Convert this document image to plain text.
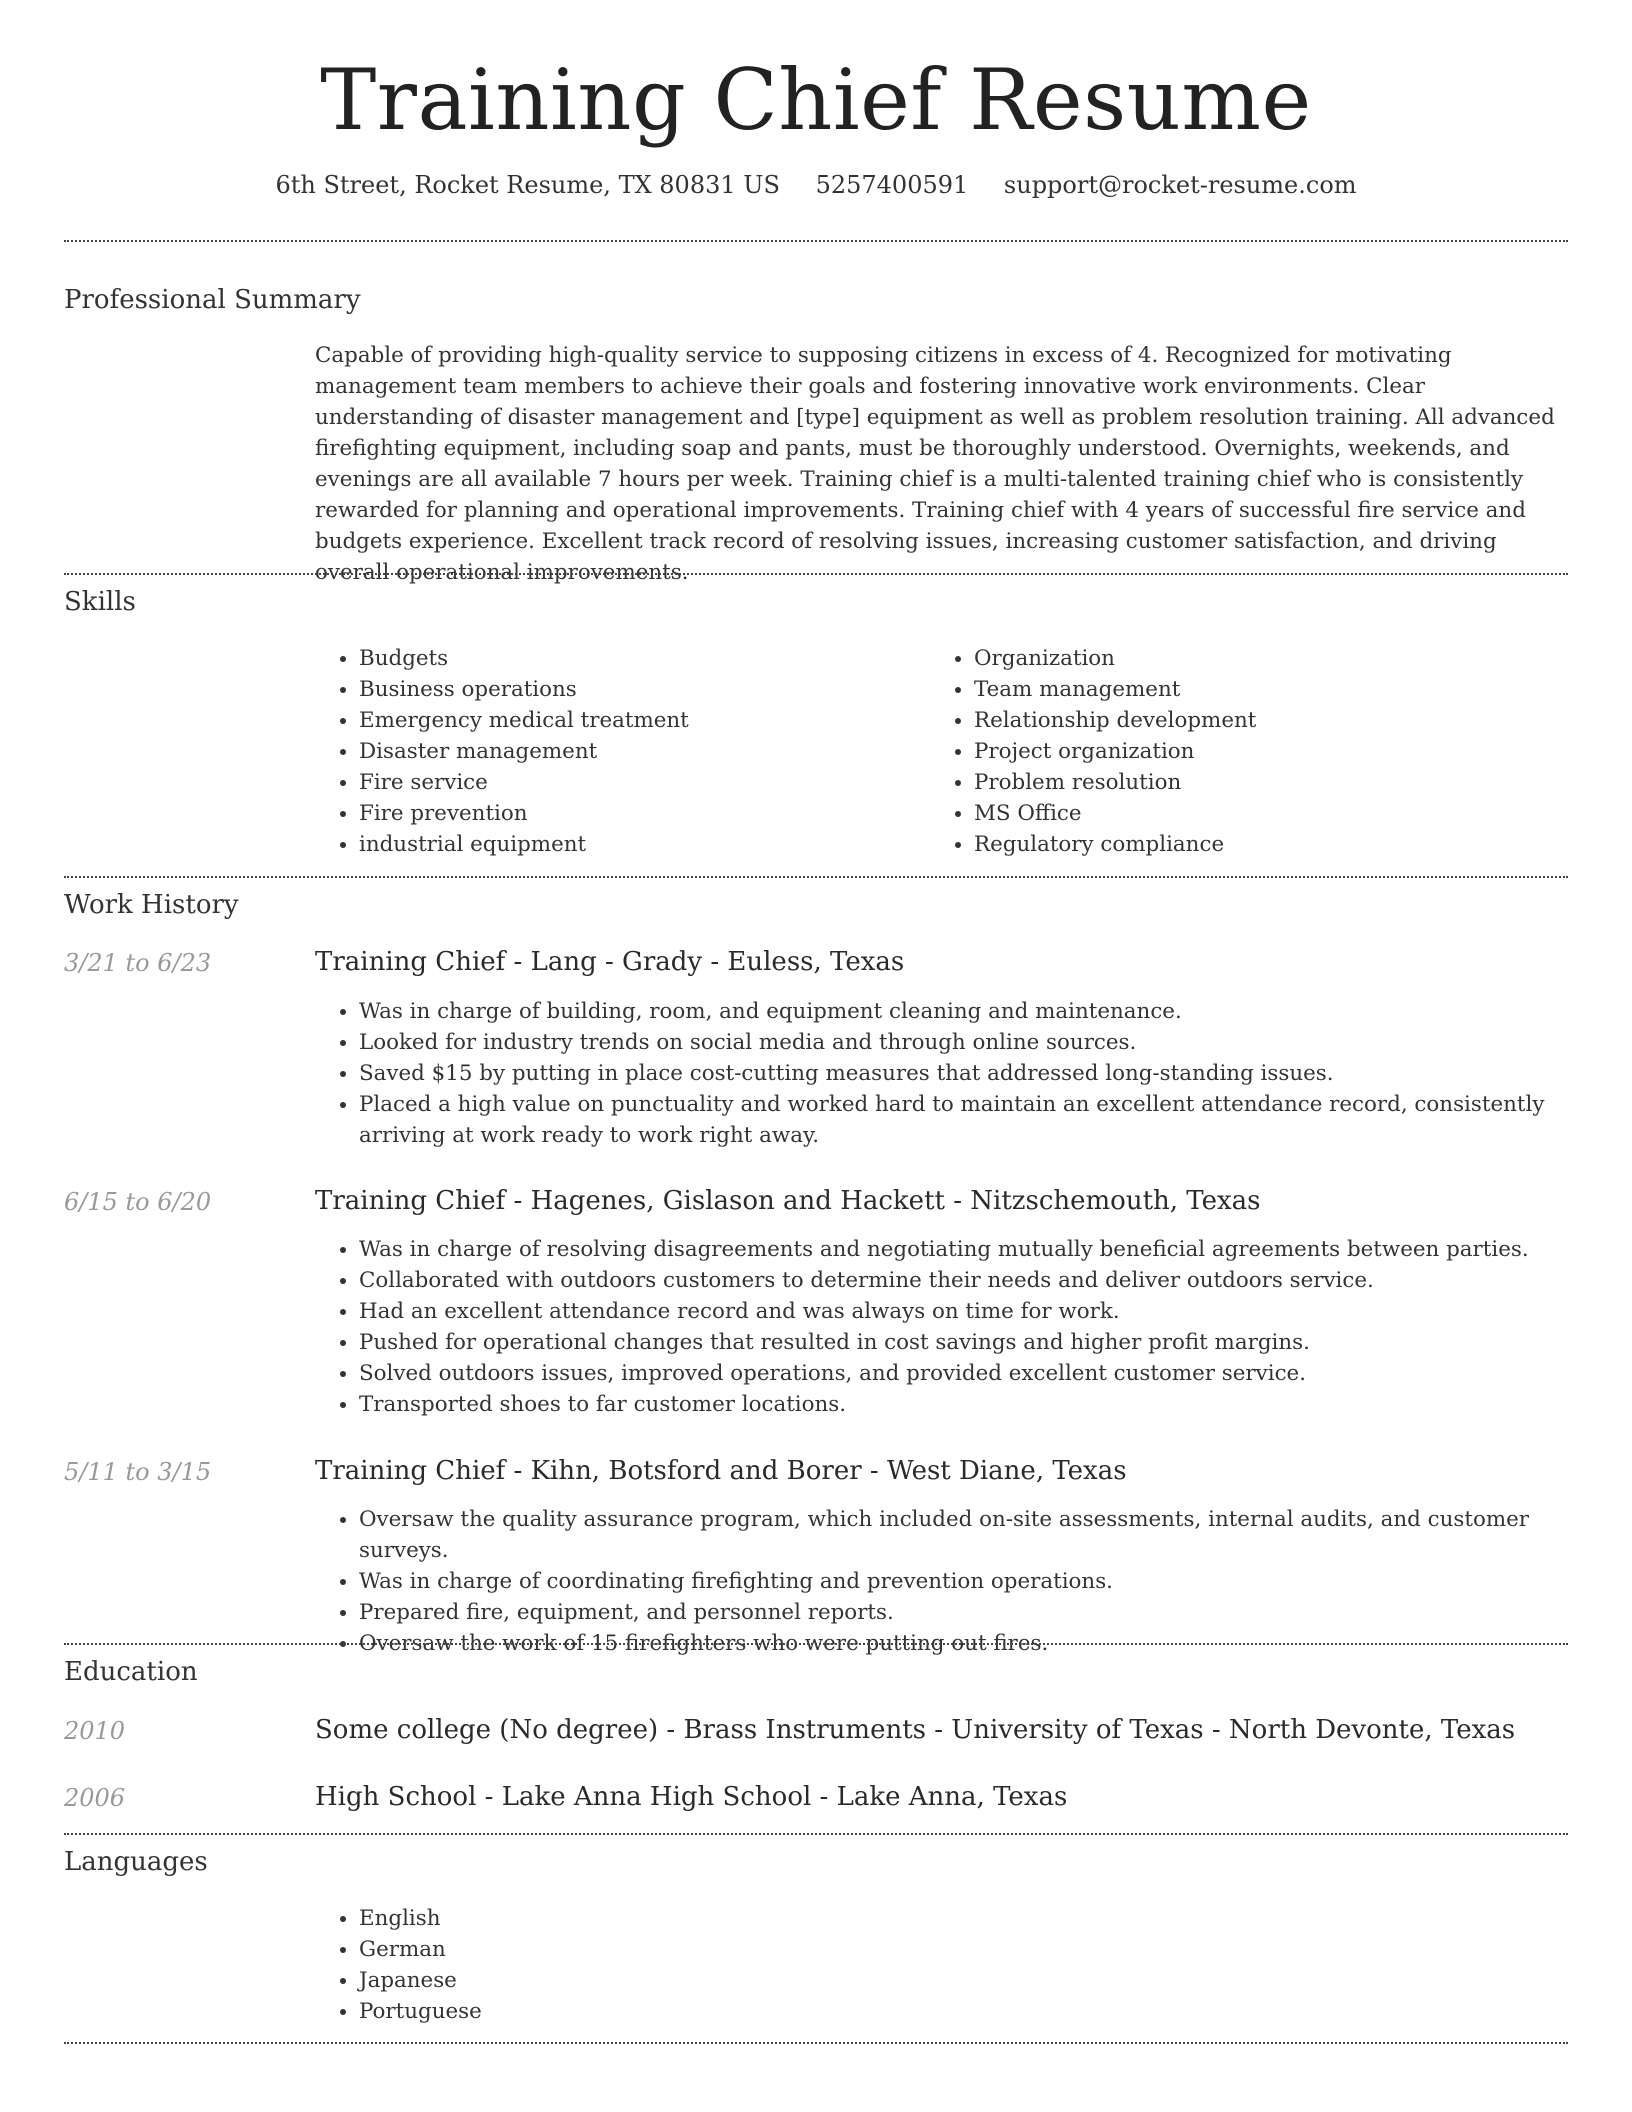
Training Chief Resume
6th Street, Rocket Resume, TX 80831 US 5257400591 support@rocket-resume.com
Professional Summary

Capable of providing high-quality service to supposing citizens in excess of 4. Recognized for motivating management team members to achieve their goals and fostering innovative work environments. Clear understanding of disaster management and [type] equipment as well as problem resolution training. All advanced firefighting equipment, including soap and pants, must be thoroughly understood. Overnights, weekends, and evenings are all available 7 hours per week. Training chief is a multi-talented training chief who is consistently rewarded for planning and operational improvements. Training chief with 4 years of successful fire service and budgets experience. Excellent track record of resolving issues, increasing customer satisfaction, and driving overall operational improvements.

Skills
• Budgets
• Business operations
• Emergency medical treatment
• Disaster management
• Fire service
• Fire prevention
• industrial equipment
• Organization
• Team management
• Relationship development
• Project organization
• Problem resolution
• MS Office
• Regulatory compliance
Work History
3/21 to 6/23	Training Chief - Lang - Grady - Euless, Texas
• Was in charge of building, room, and equipment cleaning and maintenance.
• Looked for industry trends on social media and through online sources.
• Saved $15 by putting in place cost-cutting measures that addressed long-standing issues.
• Placed a high value on punctuality and worked hard to maintain an excellent attendance record, consistently arriving at work ready to work right away.
6/15 to 6/20	Training Chief - Hagenes, Gislason and Hackett - Nitzschemouth, Texas
• Was in charge of resolving disagreements and negotiating mutually beneficial agreements between parties.
• Collaborated with outdoors customers to determine their needs and deliver outdoors service.
• Had an excellent attendance record and was always on time for work.
• Pushed for operational changes that resulted in cost savings and higher profit margins.
• Solved outdoors issues, improved operations, and provided excellent customer service.
• Transported shoes to far customer locations.
5/11 to 3/15	Training Chief - Kihn, Botsford and Borer - West Diane, Texas
• Oversaw the quality assurance program, which included on-site assessments, internal audits, and customer surveys.
• Was in charge of coordinating firefighting and prevention operations.
• Prepared fire, equipment, and personnel reports.
• Oversaw the work of 15 firefighters who were putting out fires.
Education
2010	Some college (No degree) - Brass Instruments - University of Texas - North Devonte, Texas
2006	High School - Lake Anna High School - Lake Anna, Texas
Languages
• English
• German
• Japanese
• Portuguese
